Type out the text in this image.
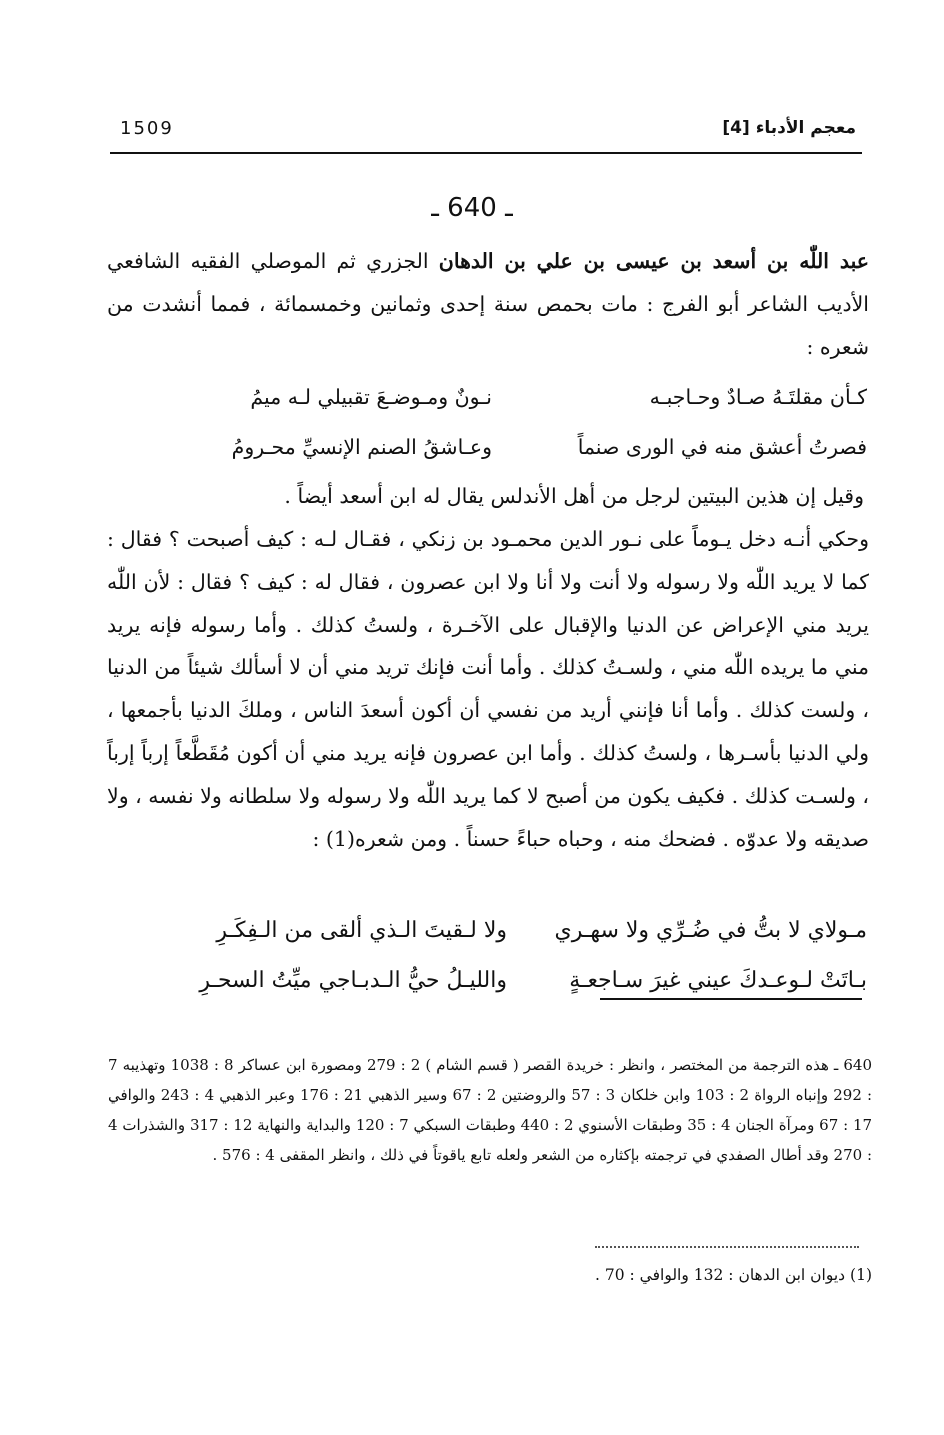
1509	معجم الأدباء [4]
ـ 640 ـ
عبد اللّٰه بن أسعد بن عيسى بن علي بن الدهان الجزري ثم الموصلي الفقيه الشافعي الأديب الشاعر أبو الفرج : مات بحمص سنة إحدى وثمانين وخمسمائة ، فمما أنشدت من شعره :
كـأن مقلتَـهُ صـادٌ وحـاجبـه
نـونٌ ومـوضـعَ تقبيلي لـه ميمُ
فصرتُ أعشق منه في الورى صنماً
وعـاشقُ الصنم الإنسيِّ محـرومُ
وقيل إن هذين البيتين لرجل من أهل الأندلس يقال له ابن أسعد أيضاً .
وحكي أنـه دخل يـوماً على نـور الدين محمـود بن زنكي ، فقـال لـه : كيف أصبحت ؟ فقال : كما لا يريد اللّٰه ولا رسوله ولا أنت ولا أنا ولا ابن عصرون ، فقال له : كيف ؟ فقال : لأن اللّٰه يريد مني الإعراض عن الدنيا والإقبال على الآخـرة ، ولستُ كذلك . وأما رسوله فإنه يريد مني ما يريده اللّٰه مني ، ولسـتُ كذلك . وأما أنت فإنك تريد مني أن لا أسألك شيئاً من الدنيا ، ولست كذلك . وأما أنا فإنني أريد من نفسي أن أكون أسعدَ الناس ، وملكَ الدنيا بأجمعها ، ولي الدنيا بأسـرها ، ولستُ كذلك . وأما ابن عصرون فإنه يريد مني أن أكون مُقَطَّعاً إرباً إرباً ، ولسـت كذلك . فكيف يكون من أصبح لا كما يريد اللّٰه ولا رسوله ولا سلطانه ولا نفسه ، ولا صديقه ولا عدوّه . فضحك منه ، وحباه حباءً حسناً . ومن شعره(1) :
مـولاي لا بتُّ في ضُـرِّي ولا سهـري
ولا لـقيتَ الـذي ألقى من الـفِكَـرِ
بـاتَتْ لـوعـدكَ عيني غيرَ سـاجعـةٍ
والليـلُ حيُّ الـدبـاجي ميِّتُ السحـرِ
640 ـ هذه الترجمة من المختصر ، وانظر : خريدة القصر ( قسم الشام ) 2 : 279 ومصورة ابن عساكر 8 : 1038 وتهذيبه 7 : 292 وإنباه الرواة 2 : 103 وابن خلكان 3 : 57 والروضتين 2 : 67 وسير الذهبي 21 : 176 وعبر الذهبي 4 : 243 والوافي 17 : 67 ومرآة الجنان 4 : 35 وطبقات الأسنوي 2 : 440 وطبقات السبكي 7 : 120 والبداية والنهاية 12 : 317 والشذرات 4 : 270 وقد أطال الصفدي في ترجمته بإكثاره من الشعر ولعله تابع ياقوتاً في ذلك ، وانظر المقفى 4 : 576 .
(1) ديوان ابن الدهان : 132 والوافي : 70 .
